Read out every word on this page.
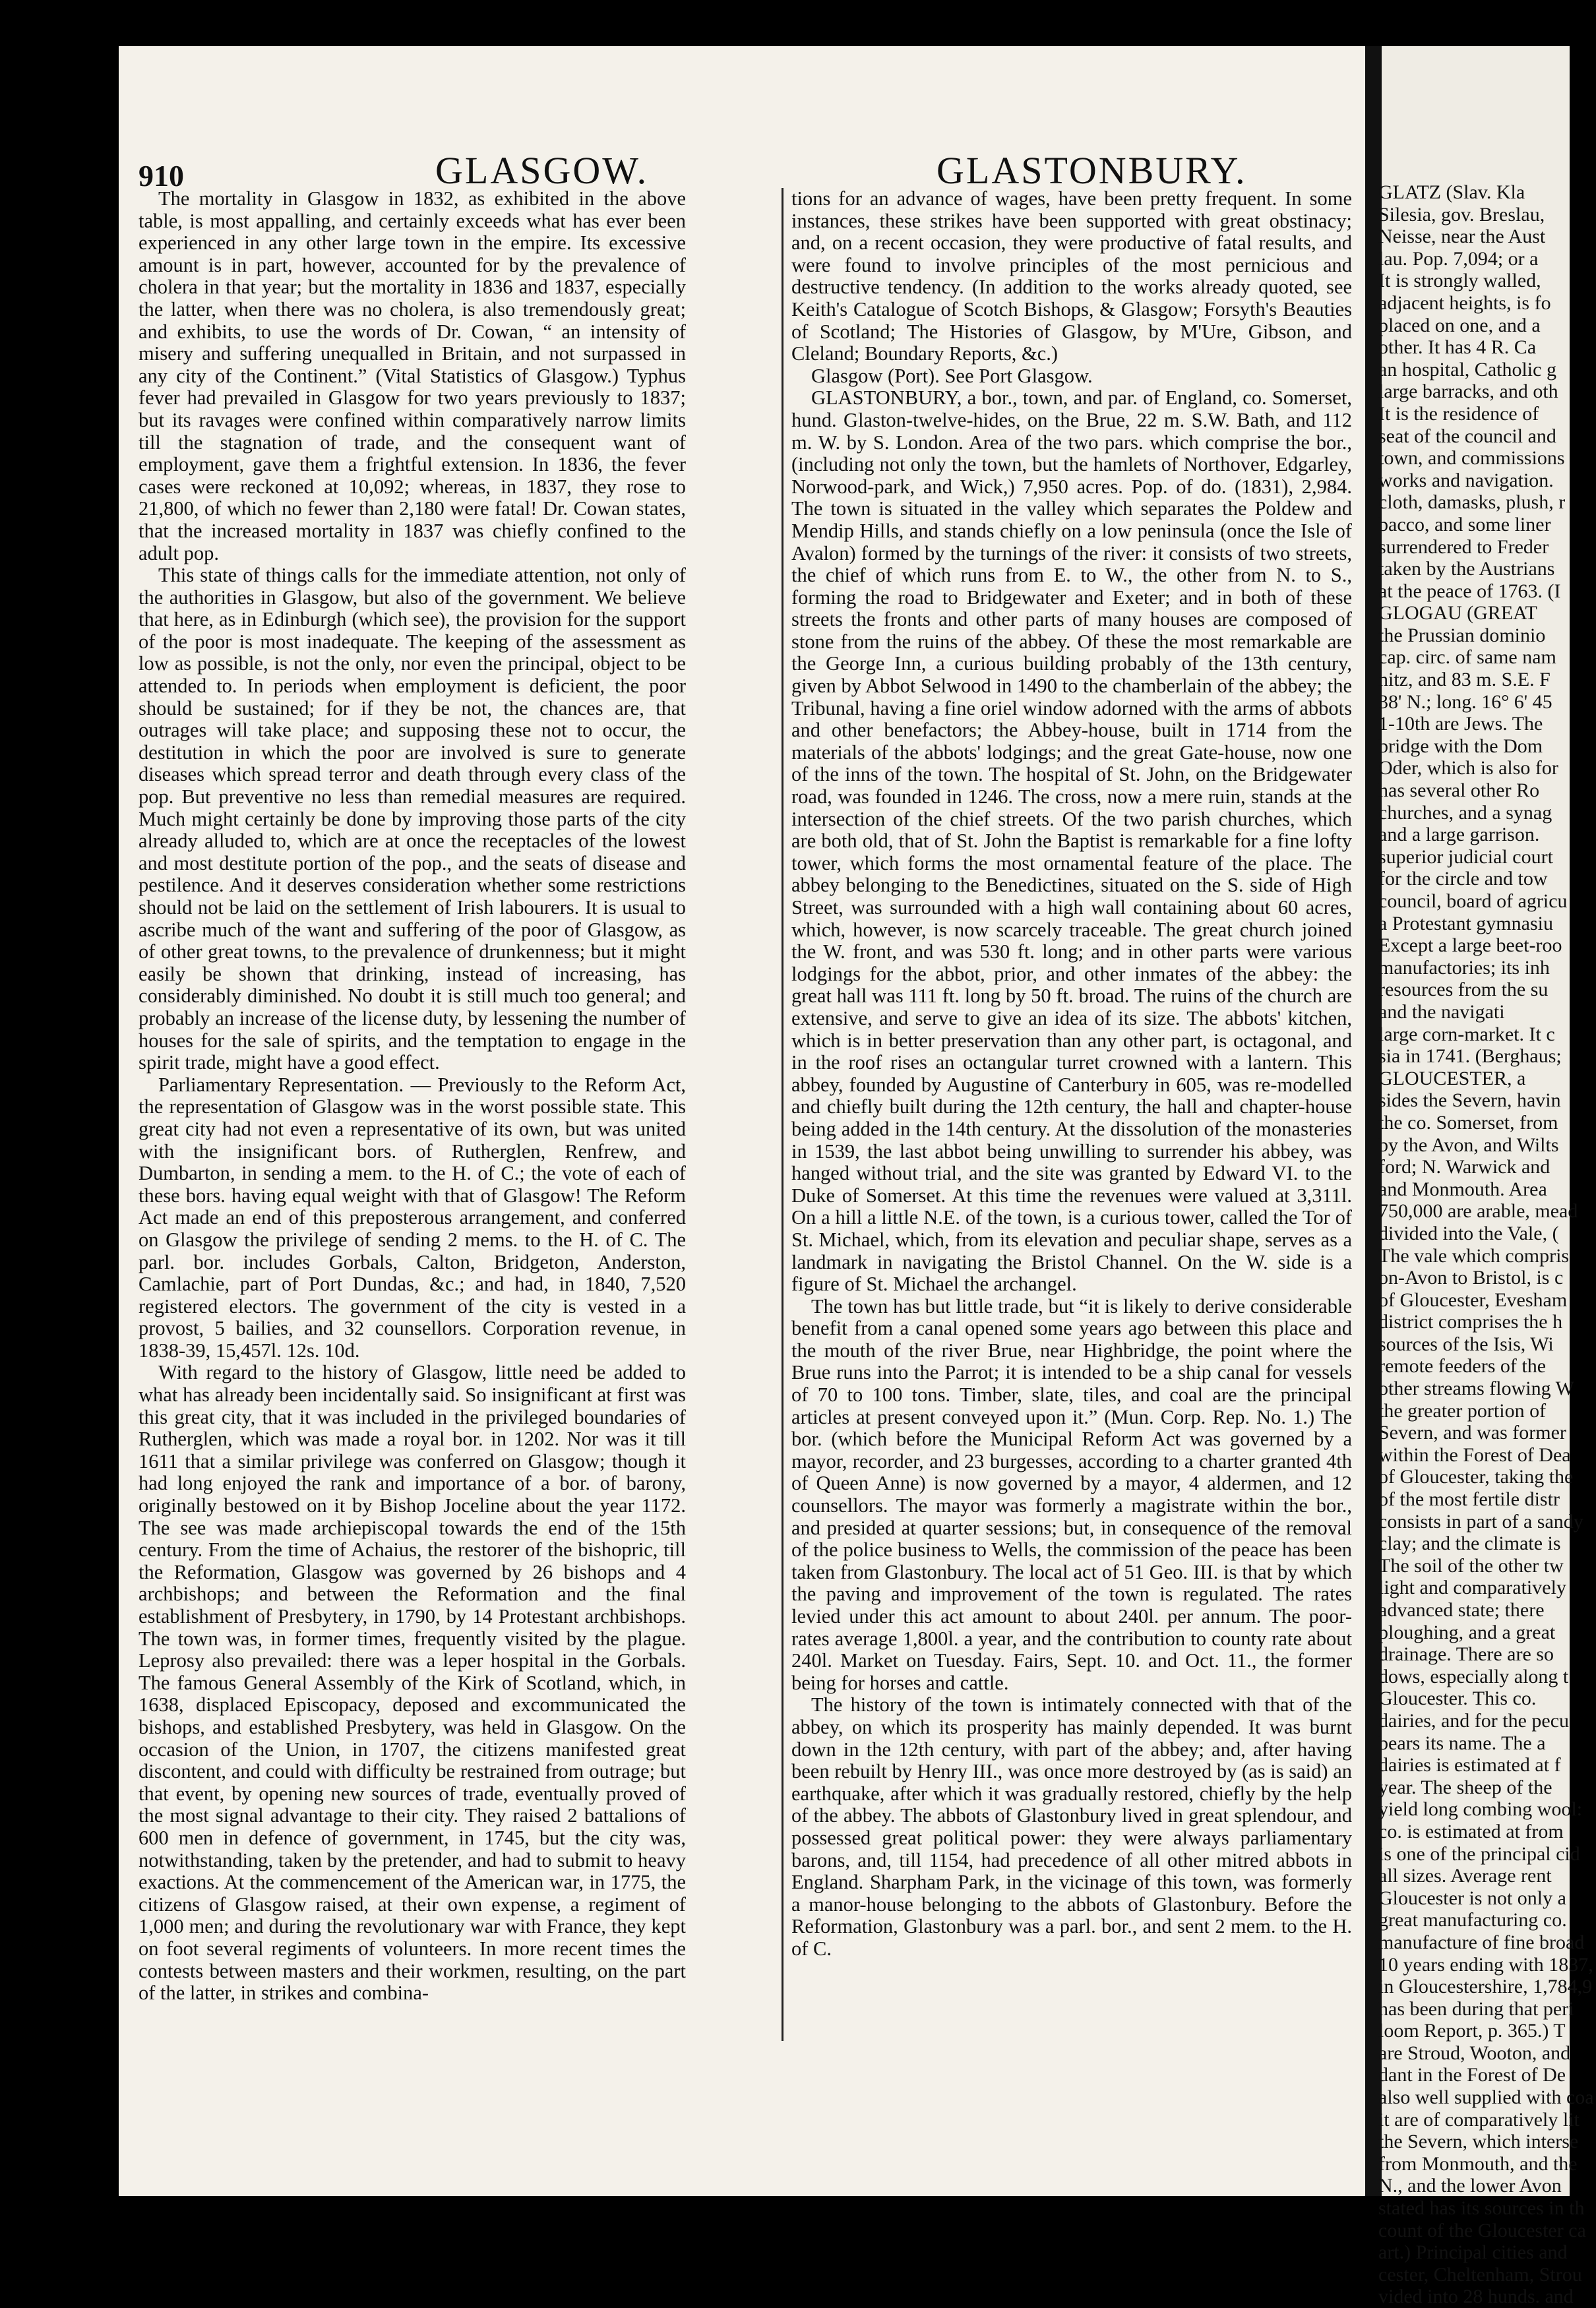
910	GLASGOW.	GLASTONBURY.

The mortality in Glasgow in 1832, as exhibited in the above table, is most appalling, and certainly exceeds what has ever been experienced in any other large town in the empire. Its excessive amount is in part, however, accounted for by the prevalence of cholera in that year; but the mortality in 1836 and 1837, especially the latter, when there was no cholera, is also tremendously great; and exhibits, to use the words of Dr. Cowan, “ an intensity of misery and suffering unequalled in Britain, and not surpassed in any city of the Continent.” (Vital Statistics of Glasgow.) Typhus fever had prevailed in Glasgow for two years previously to 1837; but its ravages were confined within comparatively narrow limits till the stagnation of trade, and the consequent want of employment, gave them a frightful extension. In 1836, the fever cases were reckoned at 10,092; whereas, in 1837, they rose to 21,800, of which no fewer than 2,180 were fatal! Dr. Cowan states, that the increased mortality in 1837 was chiefly confined to the adult pop.

This state of things calls for the immediate attention, not only of the authorities in Glasgow, but also of the government. We believe that here, as in Edinburgh (which see), the provision for the support of the poor is most inadequate. The keeping of the assessment as low as possible, is not the only, nor even the principal, object to be attended to. In periods when employment is deficient, the poor should be sustained; for if they be not, the chances are, that outrages will take place; and supposing these not to occur, the destitution in which the poor are involved is sure to generate diseases which spread terror and death through every class of the pop. But preventive no less than remedial measures are required. Much might certainly be done by improving those parts of the city already alluded to, which are at once the receptacles of the lowest and most destitute portion of the pop., and the seats of disease and pestilence. And it deserves consideration whether some restrictions should not be laid on the settlement of Irish labourers. It is usual to ascribe much of the want and suffering of the poor of Glasgow, as of other great towns, to the prevalence of drunkenness; but it might easily be shown that drinking, instead of increasing, has considerably diminished. No doubt it is still much too general; and probably an increase of the license duty, by lessening the number of houses for the sale of spirits, and the temptation to engage in the spirit trade, might have a good effect.

Parliamentary Representation. — Previously to the Reform Act, the representation of Glasgow was in the worst possible state. This great city had not even a representative of its own, but was united with the insignificant bors. of Rutherglen, Renfrew, and Dumbarton, in sending a mem. to the H. of C.; the vote of each of these bors. having equal weight with that of Glasgow! The Reform Act made an end of this preposterous arrangement, and conferred on Glasgow the privilege of sending 2 mems. to the H. of C. The parl. bor. includes Gorbals, Calton, Bridgeton, Anderston, Camlachie, part of Port Dundas, &c.; and had, in 1840, 7,520 registered electors. The government of the city is vested in a provost, 5 bailies, and 32 counsellors. Corporation revenue, in 1838-39, 15,457l. 12s. 10d.

With regard to the history of Glasgow, little need be added to what has already been incidentally said. So insignificant at first was this great city, that it was included in the privileged boundaries of Rutherglen, which was made a royal bor. in 1202. Nor was it till 1611 that a similar privilege was conferred on Glasgow; though it had long enjoyed the rank and importance of a bor. of barony, originally bestowed on it by Bishop Joceline about the year 1172. The see was made archiepiscopal towards the end of the 15th century. From the time of Achaius, the restorer of the bishopric, till the Reformation, Glasgow was governed by 26 bishops and 4 archbishops; and between the Reformation and the final establishment of Presbytery, in 1790, by 14 Protestant archbishops. The town was, in former times, frequently visited by the plague. Leprosy also prevailed: there was a leper hospital in the Gorbals. The famous General Assembly of the Kirk of Scotland, which, in 1638, displaced Episcopacy, deposed and excommunicated the bishops, and established Presbytery, was held in Glasgow. On the occasion of the Union, in 1707, the citizens manifested great discontent, and could with difficulty be restrained from outrage; but that event, by opening new sources of trade, eventually proved of the most signal advantage to their city. They raised 2 battalions of 600 men in defence of government, in 1745, but the city was, notwithstanding, taken by the pretender, and had to submit to heavy exactions. At the commencement of the American war, in 1775, the citizens of Glasgow raised, at their own expense, a regiment of 1,000 men; and during the revolutionary war with France, they kept on foot several regiments of volunteers. In more recent times the contests between masters and their workmen, resulting, on the part of the latter, in strikes and combina-

tions for an advance of wages, have been pretty frequent. In some instances, these strikes have been supported with great obstinacy; and, on a recent occasion, they were productive of fatal results, and were found to involve principles of the most pernicious and destructive tendency. (In addition to the works already quoted, see Keith's Catalogue of Scotch Bishops, & Glasgow; Forsyth's Beauties of Scotland; The Histories of Glasgow, by M'Ure, Gibson, and Cleland; Boundary Reports, &c.)

Glasgow (Port). See Port Glasgow.

GLASTONBURY, a bor., town, and par. of England, co. Somerset, hund. Glaston-twelve-hides, on the Brue, 22 m. S.W. Bath, and 112 m. W. by S. London. Area of the two pars. which comprise the bor., (including not only the town, but the hamlets of Northover, Edgarley, Norwood-park, and Wick,) 7,950 acres. Pop. of do. (1831), 2,984. The town is situated in the valley which separates the Poldew and Mendip Hills, and stands chiefly on a low peninsula (once the Isle of Avalon) formed by the turnings of the river: it consists of two streets, the chief of which runs from E. to W., the other from N. to S., forming the road to Bridgewater and Exeter; and in both of these streets the fronts and other parts of many houses are composed of stone from the ruins of the abbey. Of these the most remarkable are the George Inn, a curious building probably of the 13th century, given by Abbot Selwood in 1490 to the chamberlain of the abbey; the Tribunal, having a fine oriel window adorned with the arms of abbots and other benefactors; the Abbey-house, built in 1714 from the materials of the abbots' lodgings; and the great Gate-house, now one of the inns of the town. The hospital of St. John, on the Bridgewater road, was founded in 1246. The cross, now a mere ruin, stands at the intersection of the chief streets. Of the two parish churches, which are both old, that of St. John the Baptist is remarkable for a fine lofty tower, which forms the most ornamental feature of the place. The abbey belonging to the Benedictines, situated on the S. side of High Street, was surrounded with a high wall containing about 60 acres, which, however, is now scarcely traceable. The great church joined the W. front, and was 530 ft. long; and in other parts were various lodgings for the abbot, prior, and other inmates of the abbey: the great hall was 111 ft. long by 50 ft. broad. The ruins of the church are extensive, and serve to give an idea of its size. The abbots' kitchen, which is in better preservation than any other part, is octagonal, and in the roof rises an octangular turret crowned with a lantern. This abbey, founded by Augustine of Canterbury in 605, was re-modelled and chiefly built during the 12th century, the hall and chapter-house being added in the 14th century. At the dissolution of the monasteries in 1539, the last abbot being unwilling to surrender his abbey, was hanged without trial, and the site was granted by Edward VI. to the Duke of Somerset. At this time the revenues were valued at 3,311l. On a hill a little N.E. of the town, is a curious tower, called the Tor of St. Michael, which, from its elevation and peculiar shape, serves as a landmark in navigating the Bristol Channel. On the W. side is a figure of St. Michael the archangel.

The town has but little trade, but “it is likely to derive considerable benefit from a canal opened some years ago between this place and the mouth of the river Brue, near Highbridge, the point where the Brue runs into the Parrot; it is intended to be a ship canal for vessels of 70 to 100 tons. Timber, slate, tiles, and coal are the principal articles at present conveyed upon it.” (Mun. Corp. Rep. No. 1.) The bor. (which before the Municipal Reform Act was governed by a mayor, recorder, and 23 burgesses, according to a charter granted 4th of Queen Anne) is now governed by a mayor, 4 aldermen, and 12 counsellors. The mayor was formerly a magistrate within the bor., and presided at quarter sessions; but, in consequence of the removal of the police business to Wells, the commission of the peace has been taken from Glastonbury. The local act of 51 Geo. III. is that by which the paving and improvement of the town is regulated. The rates levied under this act amount to about 240l. per annum. The poor-rates average 1,800l. a year, and the contribution to county rate about 240l. Market on Tuesday. Fairs, Sept. 10. and Oct. 11., the former being for horses and cattle.

The history of the town is intimately connected with that of the abbey, on which its prosperity has mainly depended. It was burnt down in the 12th century, with part of the abbey; and, after having been rebuilt by Henry III., was once more destroyed by (as is said) an earthquake, after which it was gradually restored, chiefly by the help of the abbey. The abbots of Glastonbury lived in great splendour, and possessed great political power: they were always parliamentary barons, and, till 1154, had precedence of all other mitred abbots in England. Sharpham Park, in the vicinage of this town, was formerly a manor-house belonging to the abbots of Glastonbury. Before the Reformation, Glastonbury was a parl. bor., and sent 2 mem. to the H. of C.

GLATZ (Slav. Kla
Silesia, gov. Breslau,
Neisse, near the Aust
lau. Pop. 7,094; or a
It is strongly walled,
adjacent heights, is fo
placed on one, and a
other. It has 4 R. Ca
an hospital, Catholic g
large barracks, and oth
It is the residence of
seat of the council and
town, and commissions
works and navigation.
cloth, damasks, plush, r
bacco, and some liner
surrendered to Freder
taken by the Austrians
at the peace of 1763. (I
GLOGAU (GREAT
the Prussian dominio
cap. circ. of same nam
nitz, and 83 m. S.E. F
38' N.; long. 16° 6' 45
1-10th are Jews. The
bridge with the Dom
Oder, which is also for
has several other Ro
churches, and a synag
and a large garrison.
superior judicial court
for the circle and tow
council, board of agricu
a Protestant gymnasiu
Except a large beet-roo
manufactories; its inh
resources from the su
and the navigati
large corn-market. It c
sia in 1741. (Berghaus;
GLOUCESTER, a
sides the Severn, havin
the co. Somerset, from
by the Avon, and Wilts
ford; N. Warwick and
and Monmouth. Area
750,000 are arable, mead
divided into the Vale, (
The vale which compris
on-Avon to Bristol, is c
of Gloucester, Evesham
district comprises the h
sources of the Isis, Wi
remote feeders of the
other streams flowing W
the greater portion of
Severn, and was former
within the Forest of Dea
of Gloucester, taking the
of the most fertile distr
consists in part of a sandy
clay; and the climate is
The soil of the other tw
light and comparatively
advanced state; there
ploughing, and a great
drainage. There are so
dows, especially along t
Gloucester. This co.
dairies, and for the pecu
bears its name. The a
dairies is estimated at f
year. The sheep of the
yield long combing wool:
co. is estimated at from
is one of the principal cid
all sizes. Average rent
Gloucester is not only a
great manufacturing co.
manufacture of fine broad
10 years ending with 1837,
in Gloucestershire, 1,784,9
has been during that peri
loom Report, p. 365.) T
are Stroud, Wooton, and
dant in the Forest of De
also well supplied with coa
it are of comparatively lit
the Severn, which interse
from Monmouth, and the
N., and the lower Avon
stated has its sources in th
count of the Gloucester ca
art.) Principal cities and
cester, Cheltenham, Strou
vided into 28 hunds. and
